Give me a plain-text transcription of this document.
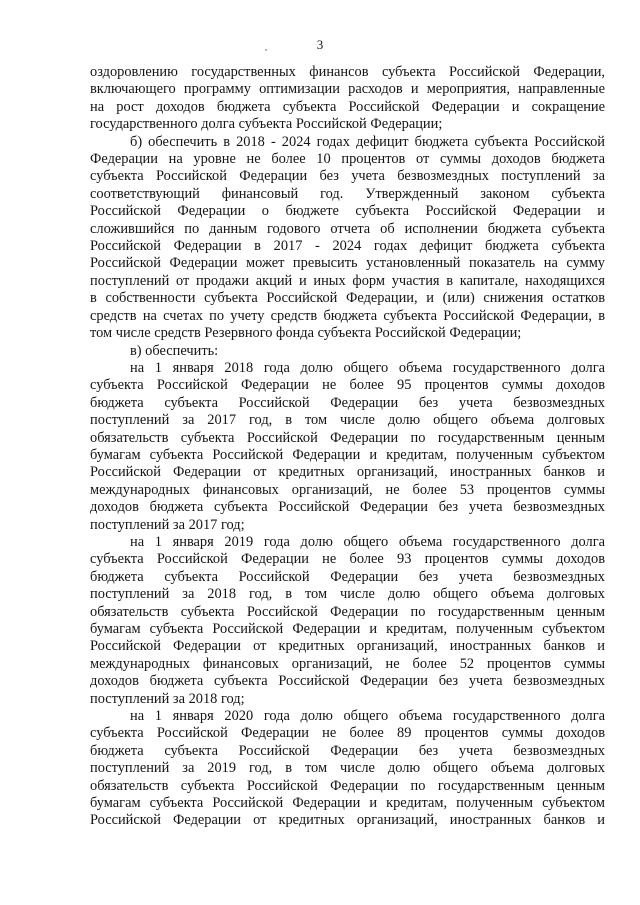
3
оздоровлению государственных финансов субъекта Российской Федерации,
включающего программу оптимизации расходов и мероприятия, направленные
на рост доходов бюджета субъекта Российской Федерации и сокращение
государственного долга субъекта Российской Федерации;
б) обеспечить в 2018 - 2024 годах дефицит бюджета субъекта Российской
Федерации на уровне не более 10 процентов от суммы доходов бюджета
субъекта Российской Федерации без учета безвозмездных поступлений за
соответствующий финансовый год. Утвержденный законом субъекта
Российской Федерации о бюджете субъекта Российской Федерации и
сложившийся по данным годового отчета об исполнении бюджета субъекта
Российской Федерации в 2017 - 2024 годах дефицит бюджета субъекта
Российской Федерации может превысить установленный показатель на сумму
поступлений от продажи акций и иных форм участия в капитале, находящихся
в собственности субъекта Российской Федерации, и (или) снижения остатков
средств на счетах по учету средств бюджета субъекта Российской Федерации, в
том числе средств Резервного фонда субъекта Российской Федерации;
в) обеспечить:
на 1 января 2018 года долю общего объема государственного долга
субъекта Российской Федерации не более 95 процентов суммы доходов
бюджета субъекта Российской Федерации без учета безвозмездных
поступлений за 2017 год, в том числе долю общего объема долговых
обязательств субъекта Российской Федерации по государственным ценным
бумагам субъекта Российской Федерации и кредитам, полученным субъектом
Российской Федерации от кредитных организаций, иностранных банков и
международных финансовых организаций, не более 53 процентов суммы
доходов бюджета субъекта Российской Федерации без учета безвозмездных
поступлений за 2017 год;
на 1 января 2019 года долю общего объема государственного долга
субъекта Российской Федерации не более 93 процентов суммы доходов
бюджета субъекта Российской Федерации без учета безвозмездных
поступлений за 2018 год, в том числе долю общего объема долговых
обязательств субъекта Российской Федерации по государственным ценным
бумагам субъекта Российской Федерации и кредитам, полученным субъектом
Российской Федерации от кредитных организаций, иностранных банков и
международных финансовых организаций, не более 52 процентов суммы
доходов бюджета субъекта Российской Федерации без учета безвозмездных
поступлений за 2018 год;
на 1 января 2020 года долю общего объема государственного долга
субъекта Российской Федерации не более 89 процентов суммы доходов
бюджета субъекта Российской Федерации без учета безвозмездных
поступлений за 2019 год, в том числе долю общего объема долговых
обязательств субъекта Российской Федерации по государственным ценным
бумагам субъекта Российской Федерации и кредитам, полученным субъектом
Российской Федерации от кредитных организаций, иностранных банков и
